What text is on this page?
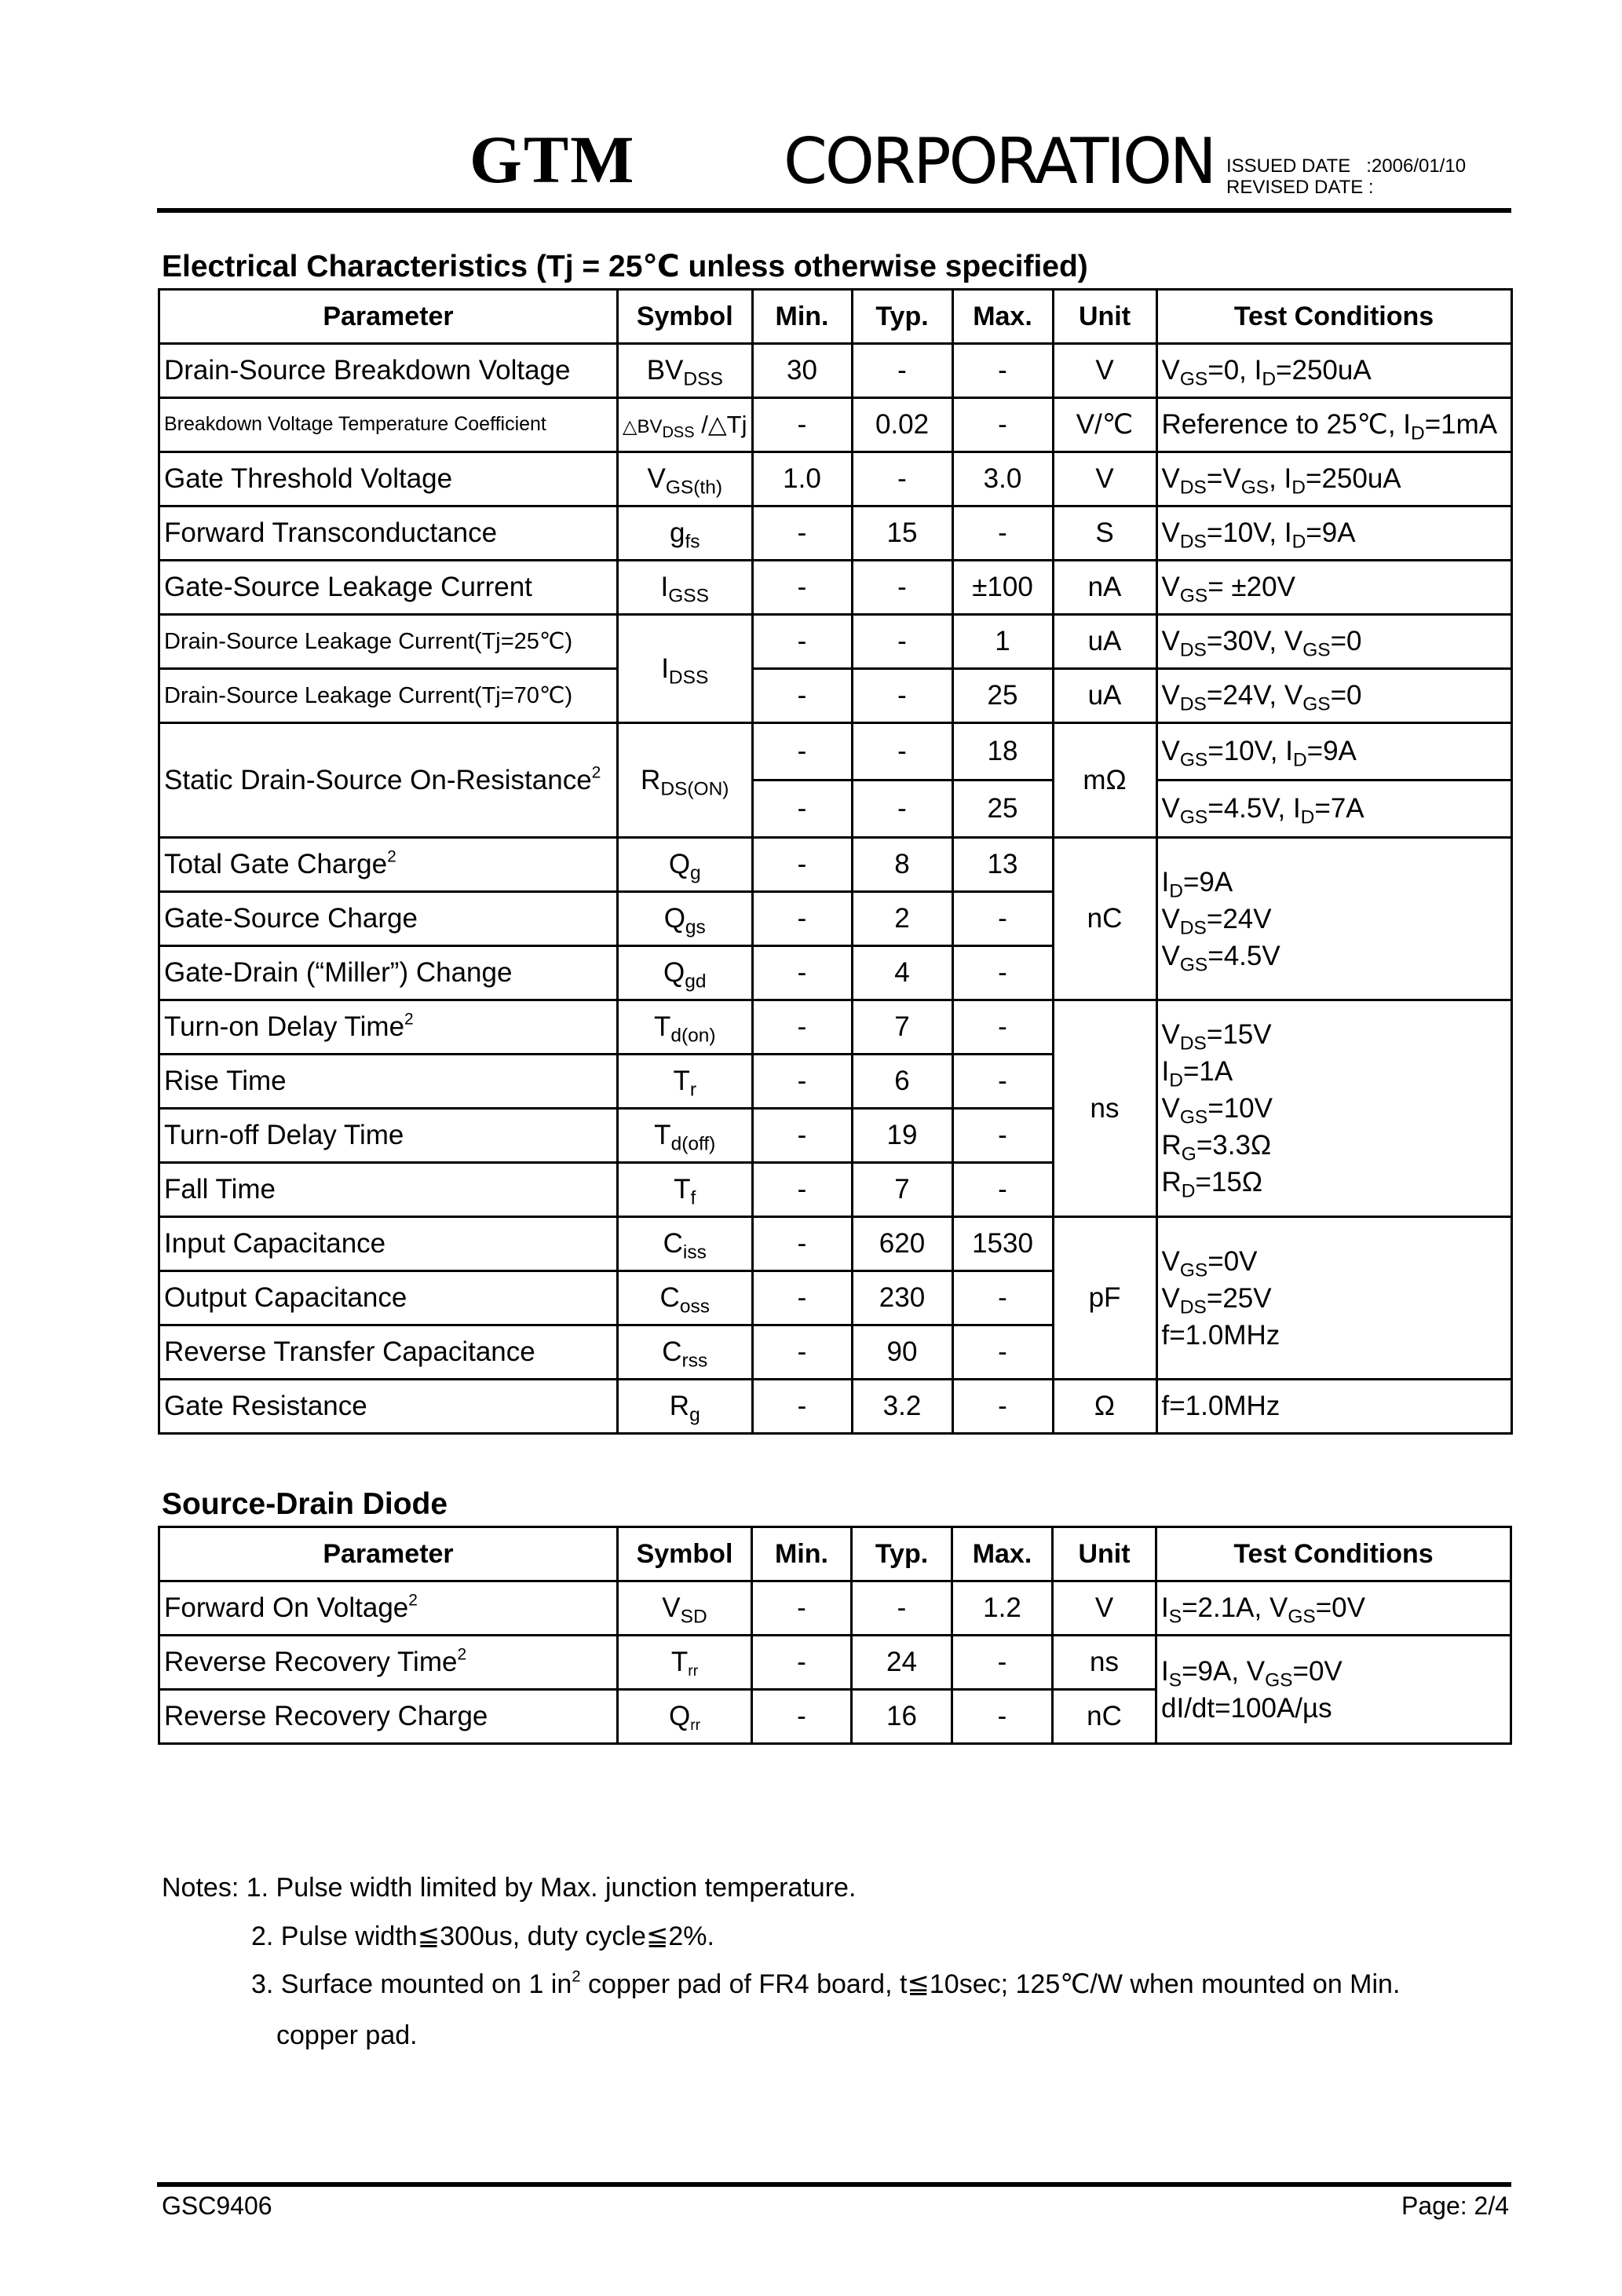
GTM CORPORATION ISSUED DATE   :2006/01/10
REVISED DATE :
Electrical Characteristics (Tj = 25℃ unless otherwise specified)
Parameter	Symbol	Min.	Typ.	Max.	Unit	Test Conditions
Drain-Source Breakdown Voltage	$BV_{DSS}$	30	-	-	V	$V_{GS}=0$, $I_D=250uA$
Breakdown Voltage Temperature Coefficient	$\triangle BV_{DSS}$ /△Tj	-	0.02	-	V/℃	Reference to 25℃, $I_D=1mA$
Gate Threshold Voltage	$V_{GS(th)}$	1.0	-	3.0	V	$V_{DS}=V_{GS}$, $I_D=250uA$
Forward Transconductance	$g_{fs}$	-	15	-	S	$V_{DS}=10V$, $I_D=9A$
Gate-Source Leakage Current	$I_{GSS}$	-	-	±100	nA	$V_{GS}= \pm 20V$
Drain-Source Leakage Current(Tj=25℃)	$I_{DSS}$	-	-	1	uA	$V_{DS}=30V$, $V_{GS}=0$
Drain-Source Leakage Current(Tj=70℃)		-	-	25	uA	$V_{DS}=24V$, $V_{GS}=0$
Static Drain-Source On-Resistance$^2$	$R_{DS(ON)}$	-	-	18	mΩ	$V_{GS}=10V$, $I_D=9A$
		-	-	25		$V_{GS}=4.5V$, $I_D=7A$
Total Gate Charge$^2$	$Q_g$	-	8	13	nC	$I_D=9A$
$V_{DS}=24V$
$V_{GS}=4.5V$

Gate-Source Charge	$Q_{gs}$	-	2	-		
Gate-Drain (“Miller”) Change	$Q_{gd}$	-	4	-		
Turn-on Delay Time$^2$	$T_{d(on)}$	-	7	-	ns	$V_{DS}=15V$
$I_D=1A$
$V_{GS}=10V$
$R_G=3.3\Omega$
$R_D=15\Omega$

Rise Time	$T_r$	-	6	-		
Turn-off Delay Time	$T_{d(off)}$	-	19	-		
Fall Time	$T_f$	-	7	-		
Input Capacitance	$C_{iss}$	-	620	1530	pF	$V_{GS}=0V$
$V_{DS}=25V$
f=1.0MHz

Output Capacitance	$C_{oss}$	-	230	-		
Reverse Transfer Capacitance	$C_{rss}$	-	90	-		
Gate Resistance	$R_g$	-	3.2	-	Ω	f=1.0MHz
Source-Drain Diode
Parameter	Symbol	Min.	Typ.	Max.	Unit	Test Conditions
Forward On Voltage$^2$	$V_{SD}$	-	-	1.2	V	$I_S=2.1A$, $V_{GS}=0V$
Reverse Recovery Time$^2$	$T_{rr}$	-	24	-	ns	$I_S=9A$, $V_{GS}=0V$
dI/dt=100A/µs

Reverse Recovery Charge	$Q_{rr}$	-	16	-	nC	
Notes: 1. Pulse width limited by Max. junction temperature.
2. Pulse width≦300us, duty cycle≦2%.
3. Surface mounted on 1 $in^2$ copper pad of FR4 board, t≦10sec; 125℃/W when mounted on Min.
copper pad.
GSC9406	Page: 2/4
